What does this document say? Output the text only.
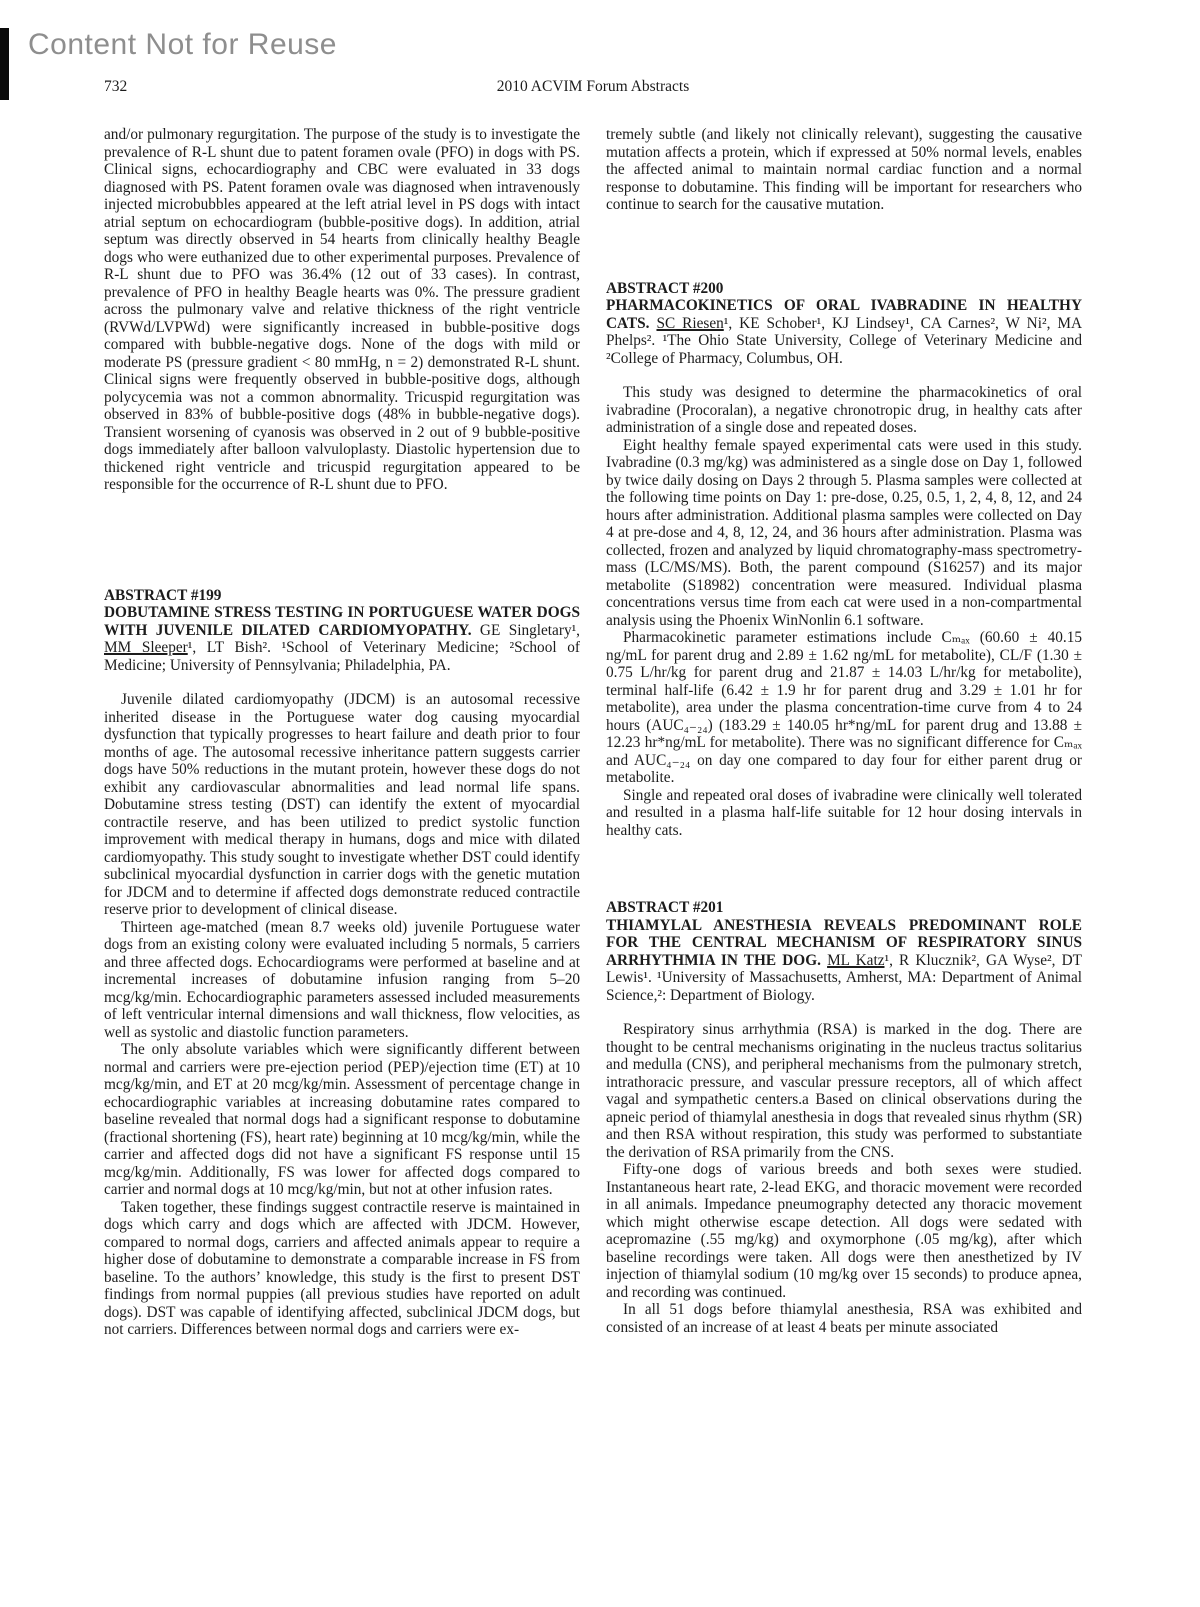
Content Not for Reuse
732	2010 ACVIM Forum Abstracts

and/or pulmonary regurgitation. The purpose of the study is to investigate the prevalence of R-L shunt due to patent foramen ovale (PFO) in dogs with PS. Clinical signs, echocardiography and CBC were evaluated in 33 dogs diagnosed with PS. Patent foramen ovale was diagnosed when intravenously injected microbubbles appeared at the left atrial level in PS dogs with intact atrial septum on echocardiogram (bubble-positive dogs). In addition, atrial septum was directly observed in 54 hearts from clinically healthy Beagle dogs who were euthanized due to other experimental purposes. Prevalence of R-L shunt due to PFO was 36.4% (12 out of 33 cases). In contrast, prevalence of PFO in healthy Beagle hearts was 0%. The pressure gradient across the pulmonary valve and relative thickness of the right ventricle (RVWd/LVPWd) were significantly increased in bubble-positive dogs compared with bubble-negative dogs. None of the dogs with mild or moderate PS (pressure gradient < 80 mmHg, n = 2) demonstrated R-L shunt. Clinical signs were frequently observed in bubble-positive dogs, although polycycemia was not a common abnormality. Tricuspid regurgitation was observed in 83% of bubble-positive dogs (48% in bubble-negative dogs). Transient worsening of cyanosis was observed in 2 out of 9 bubble-positive dogs immediately after balloon valvuloplasty. Diastolic hypertension due to thickened right ventricle and tricuspid regurgitation appeared to be responsible for the occurrence of R-L shunt due to PFO.

ABSTRACT #199

DOBUTAMINE STRESS TESTING IN PORTUGUESE WATER DOGS WITH JUVENILE DILATED CARDIOMYOPATHY. GE Singletary¹, MM Sleeper¹, LT Bish². ¹School of Veterinary Medicine; ²School of Medicine; University of Pennsylvania; Philadelphia, PA.

Juvenile dilated cardiomyopathy (JDCM) is an autosomal recessive inherited disease in the Portuguese water dog causing myocardial dysfunction that typically progresses to heart failure and death prior to four months of age. The autosomal recessive inheritance pattern suggests carrier dogs have 50% reductions in the mutant protein, however these dogs do not exhibit any cardiovascular abnormalities and lead normal life spans. Dobutamine stress testing (DST) can identify the extent of myocardial contractile reserve, and has been utilized to predict systolic function improvement with medical therapy in humans, dogs and mice with dilated cardiomyopathy. This study sought to investigate whether DST could identify subclinical myocardial dysfunction in carrier dogs with the genetic mutation for JDCM and to determine if affected dogs demonstrate reduced contractile reserve prior to development of clinical disease.

Thirteen age-matched (mean 8.7 weeks old) juvenile Portuguese water dogs from an existing colony were evaluated including 5 normals, 5 carriers and three affected dogs. Echocardiograms were performed at baseline and at incremental increases of dobutamine infusion ranging from 5–20 mcg/kg/min. Echocardiographic parameters assessed included measurements of left ventricular internal dimensions and wall thickness, flow velocities, as well as systolic and diastolic function parameters.

The only absolute variables which were significantly different between normal and carriers were pre-ejection period (PEP)/ejection time (ET) at 10 mcg/kg/min, and ET at 20 mcg/kg/min. Assessment of percentage change in echocardiographic variables at increasing dobutamine rates compared to baseline revealed that normal dogs had a significant response to dobutamine (fractional shortening (FS), heart rate) beginning at 10 mcg/kg/min, while the carrier and affected dogs did not have a significant FS response until 15 mcg/kg/min. Additionally, FS was lower for affected dogs compared to carrier and normal dogs at 10 mcg/kg/min, but not at other infusion rates.

Taken together, these findings suggest contractile reserve is maintained in dogs which carry and dogs which are affected with JDCM. However, compared to normal dogs, carriers and affected animals appear to require a higher dose of dobutamine to demonstrate a comparable increase in FS from baseline. To the authors’ knowledge, this study is the first to present DST findings from normal puppies (all previous studies have reported on adult dogs). DST was capable of identifying affected, subclinical JDCM dogs, but not carriers. Differences between normal dogs and carriers were ex-

tremely subtle (and likely not clinically relevant), suggesting the causative mutation affects a protein, which if expressed at 50% normal levels, enables the affected animal to maintain normal cardiac function and a normal response to dobutamine. This finding will be important for researchers who continue to search for the causative mutation.

ABSTRACT #200

PHARMACOKINETICS OF ORAL IVABRADINE IN HEALTHY CATS. SC Riesen¹, KE Schober¹, KJ Lindsey¹, CA Carnes², W Ni², MA Phelps². ¹The Ohio State University, College of Veterinary Medicine and ²College of Pharmacy, Columbus, OH.

This study was designed to determine the pharmacokinetics of oral ivabradine (Procoralan), a negative chronotropic drug, in healthy cats after administration of a single dose and repeated doses.

Eight healthy female spayed experimental cats were used in this study. Ivabradine (0.3 mg/kg) was administered as a single dose on Day 1, followed by twice daily dosing on Days 2 through 5. Plasma samples were collected at the following time points on Day 1: pre-dose, 0.25, 0.5, 1, 2, 4, 8, 12, and 24 hours after administration. Additional plasma samples were collected on Day 4 at pre-dose and 4, 8, 12, 24, and 36 hours after administration. Plasma was collected, frozen and analyzed by liquid chromatography-mass spectrometry-mass (LC/MS/MS). Both, the parent compound (S16257) and its major metabolite (S18982) concentration were measured. Individual plasma concentrations versus time from each cat were used in a non-compartmental analysis using the Phoenix WinNonlin 6.1 software.

Pharmacokinetic parameter estimations include Cₘₐₓ (60.60 ± 40.15 ng/mL for parent drug and 2.89 ± 1.62 ng/mL for metabolite), CL/F (1.30 ± 0.75 L/hr/kg for parent drug and 21.87 ± 14.03 L/hr/kg for metabolite), terminal half-life (6.42 ± 1.9 hr for parent drug and 3.29 ± 1.01 hr for metabolite), area under the plasma concentration-time curve from 4 to 24 hours (AUC₄₋₂₄) (183.29 ± 140.05 hr*ng/mL for parent drug and 13.88 ± 12.23 hr*ng/mL for metabolite). There was no significant difference for Cₘₐₓ and AUC₄₋₂₄ on day one compared to day four for either parent drug or metabolite.

Single and repeated oral doses of ivabradine were clinically well tolerated and resulted in a plasma half-life suitable for 12 hour dosing intervals in healthy cats.

ABSTRACT #201

THIAMYLAL ANESTHESIA REVEALS PREDOMINANT ROLE FOR THE CENTRAL MECHANISM OF RESPIRATORY SINUS ARRHYTHMIA IN THE DOG. ML Katz¹, R Klucznik², GA Wyse², DT Lewis¹. ¹University of Massachusetts, Amherst, MA: Department of Animal Science,²: Department of Biology.

Respiratory sinus arrhythmia (RSA) is marked in the dog. There are thought to be central mechanisms originating in the nucleus tractus solitarius and medulla (CNS), and peripheral mechanisms from the pulmonary stretch, intrathoracic pressure, and vascular pressure receptors, all of which affect vagal and sympathetic centers.a Based on clinical observations during the apneic period of thiamylal anesthesia in dogs that revealed sinus rhythm (SR) and then RSA without respiration, this study was performed to substantiate the derivation of RSA primarily from the CNS.

Fifty-one dogs of various breeds and both sexes were studied. Instantaneous heart rate, 2-lead EKG, and thoracic movement were recorded in all animals. Impedance pneumography detected any thoracic movement which might otherwise escape detection. All dogs were sedated with acepromazine (.55 mg/kg) and oxymorphone (.05 mg/kg), after which baseline recordings were taken. All dogs were then anesthetized by IV injection of thiamylal sodium (10 mg/kg over 15 seconds) to produce apnea, and recording was continued.

In all 51 dogs before thiamylal anesthesia, RSA was exhibited and consisted of an increase of at least 4 beats per minute associated
